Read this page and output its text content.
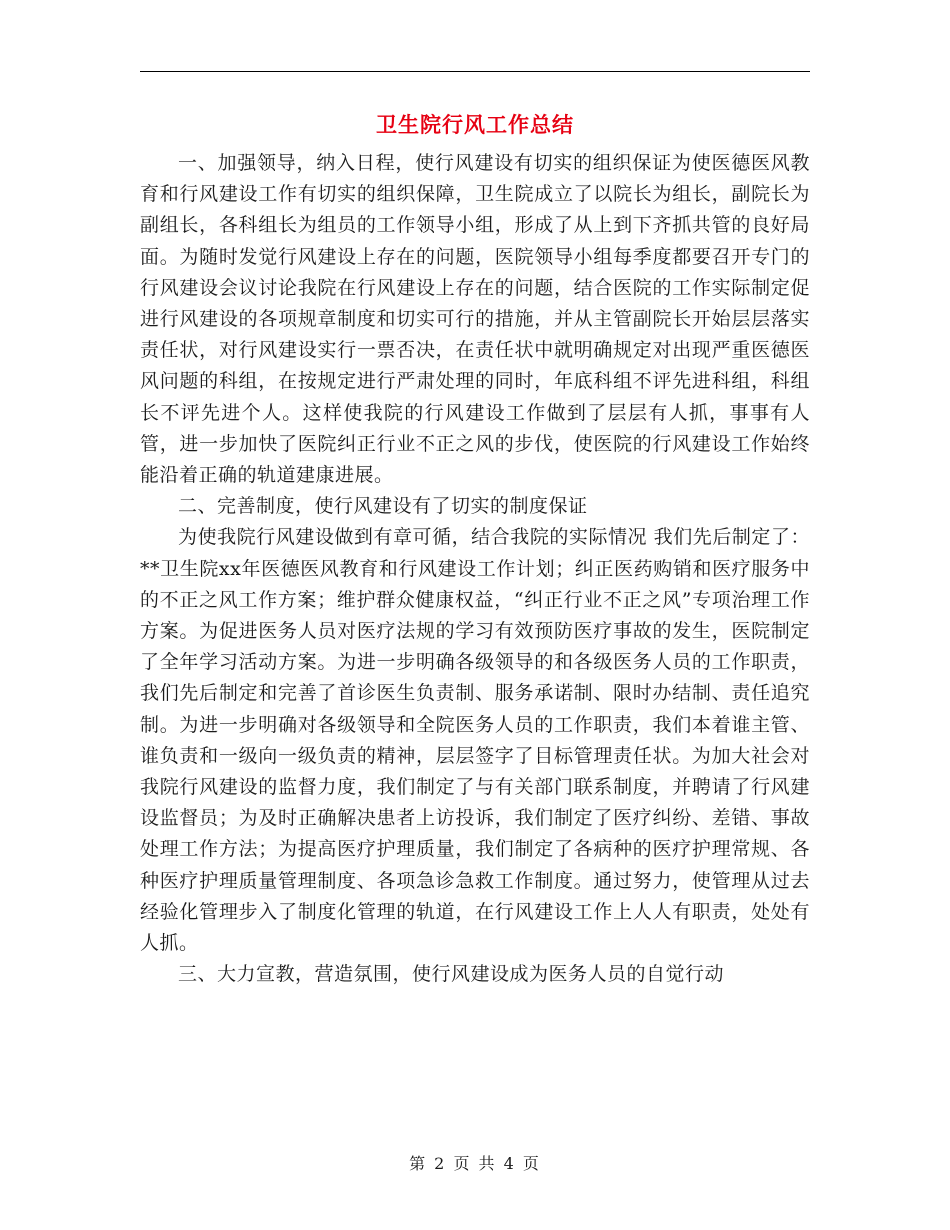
卫生院行风工作总结

一、加强领导，纳入日程，使行风建设有切实的组织保证为使医德医风教育和行风建设工作有切实的组织保障，卫生院成立了以院长为组长，副院长为副组长，各科组长为组员的工作领导小组，形成了从上到下齐抓共管的良好局面。为随时发觉行风建设上存在的问题，医院领导小组每季度都要召开专门的行风建设会议讨论我院在行风建设上存在的问题，结合医院的工作实际制定促进行风建设的各项规章制度和切实可行的措施，并从主管副院长开始层层落实责任状，对行风建设实行一票否决，在责任状中就明确规定对出现严重医德医风问题的科组，在按规定进行严肃处理的同时，年底科组不评先进科组，科组长不评先进个人。这样使我院的行风建设工作做到了层层有人抓，事事有人管，进一步加快了医院纠正行业不正之风的步伐，使医院的行风建设工作始终能沿着正确的轨道建康进展。

二、完善制度，使行风建设有了切实的制度保证

为使我院行风建设做到有章可循，结合我院的实际情况 我们先后制定了：**卫生院xx年医德医风教育和行风建设工作计划；纠正医药购销和医疗服务中的不正之风工作方案；维护群众健康权益，“纠正行业不正之风”专项治理工作方案。为促进医务人员对医疗法规的学习有效预防医疗事故的发生，医院制定了全年学习活动方案。为进一步明确各级领导的和各级医务人员的工作职责，我们先后制定和完善了首诊医生负责制、服务承诺制、限时办结制、责任追究制。为进一步明确对各级领导和全院医务人员的工作职责，我们本着谁主管、谁负责和一级向一级负责的精神，层层签字了目标管理责任状。为加大社会对我院行风建设的监督力度，我们制定了与有关部门联系制度，并聘请了行风建设监督员；为及时正确解决患者上访投诉，我们制定了医疗纠纷、差错、事故处理工作方法；为提高医疗护理质量，我们制定了各病种的医疗护理常规、各种医疗护理质量管理制度、各项急诊急救工作制度。通过努力，使管理从过去经验化管理步入了制度化管理的轨道，在行风建设工作上人人有职责，处处有人抓。

三、大力宣教，营造氛围，使行风建设成为医务人员的自觉行动

第 2 页 共 4 页
